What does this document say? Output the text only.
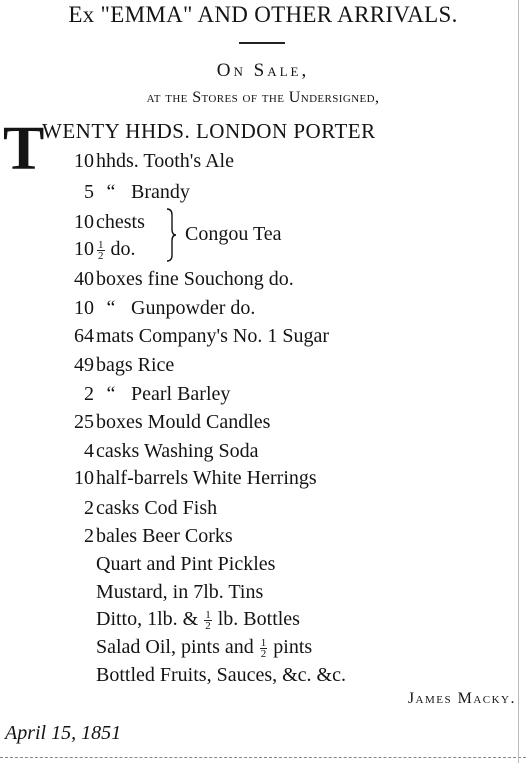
Ex "EMMA" AND OTHER ARRIVALS.
On Sale,
at the Stores of the Undersigned,
T
WENTY HHDS. LONDON PORTER
10 hhds. Tooth's Ale
5 “ Brandy
10 chests
$10 \frac{1}{2}$ do.
Congou Tea
40 boxes fine Souchong do.
10 “ Gunpowder do.
64 mats Company's No. 1 Sugar
49 bags Rice
2 “ Pearl Barley
25 boxes Mould Candles
4 casks Washing Soda
10 half-barrels White Herrings
2 casks Cod Fish
2 bales Beer Corks
Quart and Pint Pickles
Mustard, in 7lb. Tins
Ditto, 1lb. & $\frac{1}{2}$ lb. Bottles
Salad Oil, pints and $\frac{1}{2}$ pints
Bottled Fruits, Sauces, &c. &c.
James Macky.
April 15, 1851
